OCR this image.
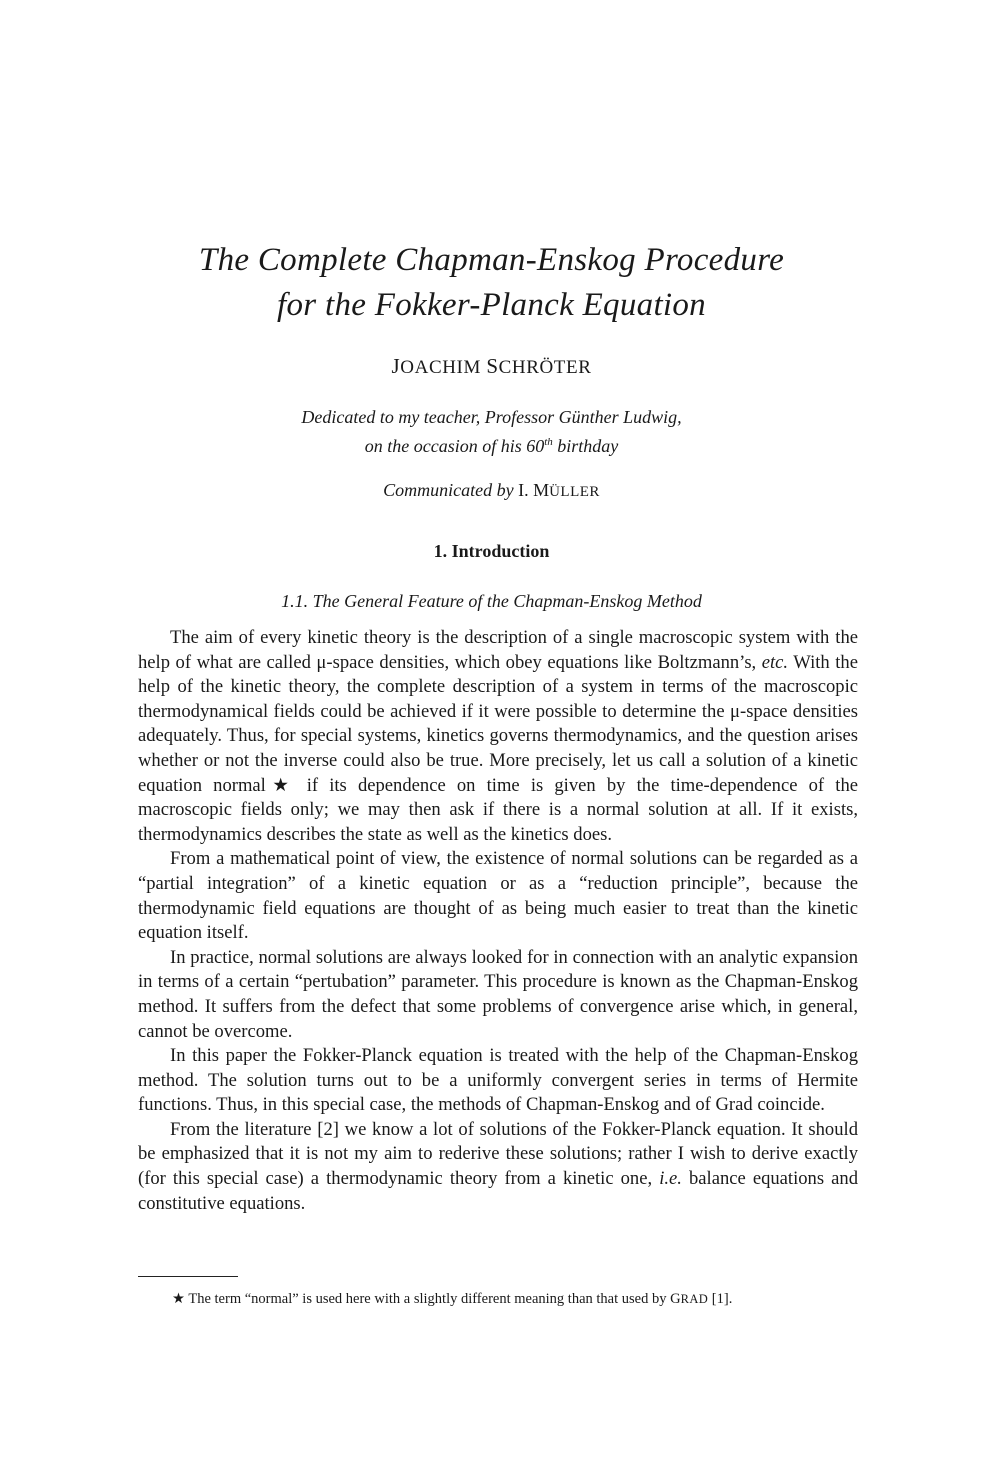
The Complete Chapman-Enskog Procedure
for the Fokker-Planck Equation
JOACHIM SCHRÖTER
Dedicated to my teacher, Professor Günther Ludwig,
on the occasion of his 60th birthday
Communicated by I. MÜLLER
1. Introduction
1.1. The General Feature of the Chapman-Enskog Method

The aim of every kinetic theory is the description of a single macroscopic system with the help of what are called μ-space densities, which obey equations like Boltzmann’s, etc. With the help of the kinetic theory, the complete description of a system in terms of the macroscopic thermodynamical fields could be achieved if it were possible to determine the μ-space densities adequately. Thus, for special systems, kinetics governs thermodynamics, and the question arises whether or not the inverse could also be true. More precisely, let us call a solution of a kinetic equation normal★ if its dependence on time is given by the time-dependence of the macroscopic fields only; we may then ask if there is a normal solution at all. If it exists, thermodynamics describes the state as well as the kinetics does.

From a mathematical point of view, the existence of normal solutions can be regarded as a “partial integration” of a kinetic equation or as a “reduction principle”, because the thermodynamic field equations are thought of as being much easier to treat than the kinetic equation itself.

In practice, normal solutions are always looked for in connection with an analytic expansion in terms of a certain “pertubation” parameter. This procedure is known as the Chapman-Enskog method. It suffers from the defect that some problems of convergence arise which, in general, cannot be overcome.

In this paper the Fokker-Planck equation is treated with the help of the Chapman-Enskog method. The solution turns out to be a uniformly convergent series in terms of Hermite functions. Thus, in this special case, the methods of Chapman-Enskog and of Grad coincide.

From the literature [2] we know a lot of solutions of the Fokker-Planck equation. It should be emphasized that it is not my aim to rederive these solutions; rather I wish to derive exactly (for this special case) a thermodynamic theory from a kinetic one, i.e. balance equations and constitutive equations.

★ The term “normal” is used here with a slightly different meaning than that used by GRAD [1].
